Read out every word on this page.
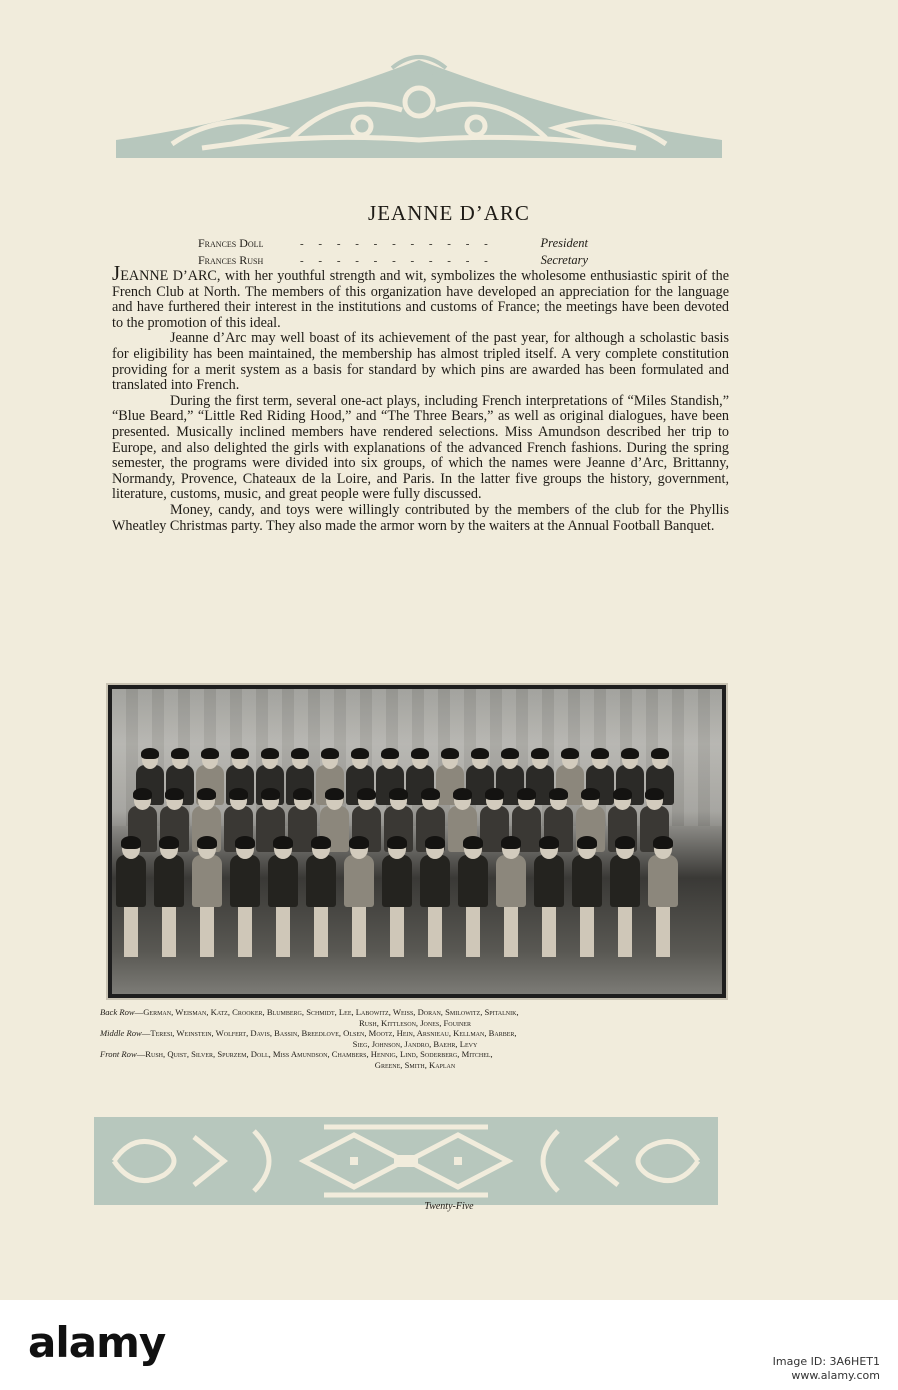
JEANNE D’ARC
Frances Doll	- - - - - - - - - - -	President
Frances Rush	- - - - - - - - - - -	Secretary

JEANNE D’ARC, with her youthful strength and wit, symbolizes the wholesome enthusiastic spirit of the French Club at North. The members of this organization have developed an appreciation for the language and have furthered their interest in the institutions and customs of France; the meetings have been devoted to the promotion of this ideal.

Jeanne d’Arc may well boast of its achievement of the past year, for although a scholastic basis for eligibility has been maintained, the membership has almost tripled itself. A very complete constitution providing for a merit system as a basis for standard by which pins are awarded has been formulated and translated into French.

During the first term, several one-act plays, including French interpretations of “Miles Standish,” “Blue Beard,” “Little Red Riding Hood,” and “The Three Bears,” as well as original dialogues, have been presented. Musically inclined members have rendered selections. Miss Amundson described her trip to Europe, and also delighted the girls with explanations of the advanced French fashions. During the spring semester, the programs were divided into six groups, of which the names were Jeanne d’Arc, Brittanny, Normandy, Provence, Chateaux de la Loire, and Paris. In the latter five groups the history, government, literature, customs, music, and great people were fully discussed.

Money, candy, and toys were willingly contributed by the members of the club for the Phyllis Wheatley Christmas party. They also made the armor worn by the waiters at the Annual Football Banquet.

Back Row—German, Weisman, Katz, Crooker, Blumberg, Schmidt, Lee, Labowitz, Weiss, Doran, Smilowitz, Spitalnik,

Rush, Kittleson, Jones, Fouiner

Middle Row—Teresi, Weinstein, Wolfert, Davis, Bassin, Breedlove, Olsen, Mootz, Hein, Arsnieau, Kellman, Barber,

Sieg, Johnson, Jandro, Baehr, Levy

Front Row—Rush, Quist, Silver, Spurzem, Doll, Miss Amundson, Chambers, Hennig, Lind, Soderberg, Mitchel,

Greene, Smith, Kaplan

Twenty-Five
alamy	Image ID: 3A6HET1
www.alamy.com
